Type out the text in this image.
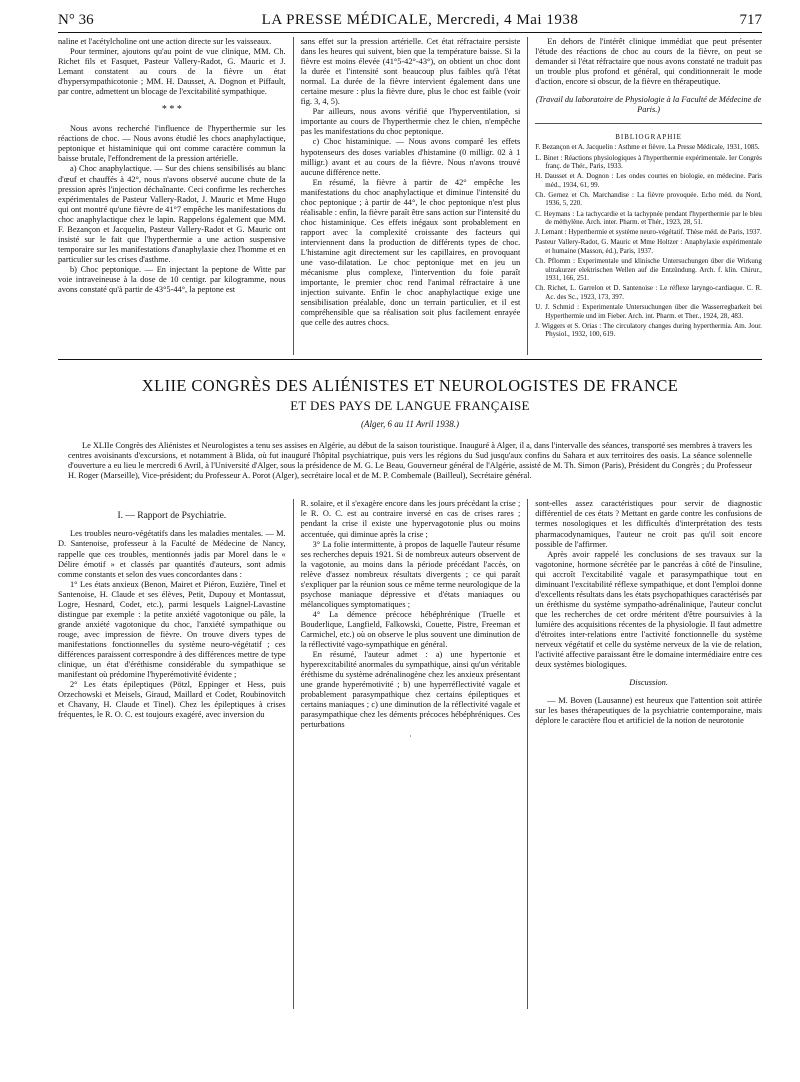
N° 36	LA PRESSE MÉDICALE, Mercredi, 4 Mai 1938	717

naline et l'acétylcholine ont une action directe sur les vaisseaux.

Pour terminer, ajoutons qu'au point de vue clinique, MM. Ch. Richet fils et Fasquet, Pasteur Vallery-Radot, G. Mauric et J. Lemant constatent au cours de la fièvre un état d'hypersympathicotonie ; MM. H. Dausset, A. Dognon et Piffault, par contre, admettent un blocage de l'excitabilité sympathique.

* * *

Nous avons recherché l'influence de l'hyperthermie sur les réactions de choc. — Nous avons étudié les chocs anaphylactique, peptonique et histaminique qui ont comme caractère commun la baisse brutale, l'effondrement de la pression artérielle.

a) Choc anaphylactique. — Sur des chiens sensibilisés au blanc d'œuf et chauffés à 42°, nous n'avons observé aucune chute de la pression après l'injection déchaînante. Ceci confirme les recherches expérimentales de Pasteur Vallery-Radot, J. Mauric et Mme Hugo qui ont montré qu'une fièvre de 41°7 empêche les manifestations du choc anaphylactique chez le lapin. Rappelons également que MM. F. Bezançon et Jacquelin, Pasteur Vallery-Radot et G. Mauric ont insisté sur le fait que l'hyperthermie a une action suspensive temporaire sur les manifestations d'anaphylaxie chez l'homme et en particulier sur les crises d'asthme.

b) Choc peptonique. — En injectant la peptone de Witte par voie intraveineuse à la dose de 10 centigr. par kilogramme, nous avons constaté qu'à partir de 43°5-44°, la peptone est

sans effet sur la pression artérielle. Cet état réfractaire persiste dans les heures qui suivent, bien que la température baisse. Si la fièvre est moins élevée (41°5-42°-43°), on obtient un choc dont la durée et l'intensité sont beaucoup plus faibles qu'à l'état normal. La durée de la fièvre intervient également dans une certaine mesure : plus la fièvre dure, plus le choc est faible (voir fig. 3, 4, 5).

Par ailleurs, nous avons vérifié que l'hyperventilation, si importante au cours de l'hyperthermie chez le chien, n'empêche pas les manifestations du choc peptonique.

c) Choc histaminique. — Nous avons comparé les effets hypotenseurs des doses variables d'histamine (0 milligr. 02 à 1 milligr.) avant et au cours de la fièvre. Nous n'avons trouvé aucune différence nette.

En résumé, la fièvre à partir de 42° empêche les manifestations du choc anaphylactique et diminue l'intensité du choc peptonique ; à partir de 44°, le choc peptonique n'est plus réalisable : enfin, la fièvre paraît être sans action sur l'intensité du choc histaminique. Ces effets inégaux sont probablement en rapport avec la complexité croissante des facteurs qui interviennent dans la production de différents types de choc. L'histamine agit directement sur les capillaires, en provoquant une vaso-dilatation. Le choc peptonique met en jeu un mécanisme plus complexe, l'intervention du foie paraît importante, le premier choc rend l'animal réfractaire à une injection suivante. Enfin le choc anaphylactique exige une sensibilisation préalable, donc un terrain particulier, et il est compréhensible que sa réalisation soit plus facilement enrayée que celle des autres chocs.

En dehors de l'intérêt clinique immédiat que peut présenter l'étude des réactions de choc au cours de la fièvre, on peut se demander si l'état réfractaire que nous avons constaté ne traduit pas un trouble plus profond et général, qui conditionnerait le mode d'action, encore si obscur, de la fièvre en thérapeutique.

(Travail du laboratoire de Physiologie à la Faculté de Médecine de Paris.)

BIBLIOGRAPHIE

F. Bezançon et A. Jacquelin : Asthme et fièvre. La Presse Médicale, 1931, 1085.

L. Binet : Réactions physiologiques à l'hyperthermie expérimentale. Ier Congrès franç. de Thér., Paris, 1933.

H. Dausset et A. Dognon : Les ondes courtes en biologie, en médecine. Paris méd., 1934, 61, 99.

Ch. Gernez et Ch. Marchandise : La fièvre provoquée. Echo méd. du Nord, 1936, 5, 220.

C. Heymans : La tachycardie et la tachypnée pendant l'hyperthermie par le bleu de méthylène. Arch. inter. Pharm. et Thér., 1923, 28, 51.

J. Lemant : Hyperthermie et système neuro-végétatif. Thèse méd. de Paris, 1937.

Pasteur Vallery-Radot, G. Mauric et Mme Holtzer : Anaphylaxie expérimentale et humaine (Masson, éd.), Paris, 1937.

Ch. Pflomm : Experimentale und klinische Untersuchungen über die Wirkung ultrakurzer elektrischen Wellen auf die Entzündung. Arch. f. klin. Chirur., 1931, 166, 251.

Ch. Richet, L. Garrelon et D. Santenoise : Le réflexe laryngo-cardiaque. C. R. Ac. des Sc., 1923, 173, 397.

U. J. Schmid : Experimentale Untersuchungen über die Wasserregbarkeit bei Hyperthermie und im Fieber. Arch. int. Pharm. et Ther., 1924, 28, 483.

J. Wiggers et S. Orias : The circulatory changes during hyperthermia. Am. Jour. Physiol., 1932, 100, 619.

XLIIE CONGRÈS DES ALIÉNISTES ET NEUROLOGISTES DE FRANCE
ET DES PAYS DE LANGUE FRANÇAISE
(Alger, 6 au 11 Avril 1938.)

Le XLIIe Congrès des Aliénistes et Neurologistes a tenu ses assises en Algérie, au début de la saison touristique. Inauguré à Alger, il a, dans l'intervalle des séances, transporté ses membres à travers les centres avoisinants d'excursions, et notamment à Blida, où fut inauguré l'hôpital psychiatrique, puis vers les régions du Sud jusqu'aux confins du Sahara et aux territoires des oasis. La séance solennelle d'ouverture a eu lieu le mercredi 6 Avril, à l'Université d'Alger, sous la présidence de M. G. Le Beau, Gouverneur général de l'Algérie, assisté de M. Th. Simon (Paris), Président du Congrès ; du Professeur H. Roger (Marseille), Vice-président; du Professeur A. Porot (Alger), secrétaire local et de M. P. Combemale (Bailleul), Secrétaire général.

I. — Rapport de Psychiatrie.

Les troubles neuro-végétatifs dans les maladies mentales. — M. D. Santenoise, professeur à la Faculté de Médecine de Nancy, rappelle que ces troubles, mentionnés jadis par Morel dans le « Délire émotif » et classés par quantités d'auteurs, sont admis comme constants et selon des vues concordantes dans :

1° Les états anxieux (Benon, Mairet et Piéron, Euzière, Tinel et Santenoise, H. Claude et ses élèves, Petit, Dupouy et Montassut, Logre, Hesnard, Codet, etc.), parmi lesquels Laignel-Lavastine distingue par exemple : la petite anxiété vagotonique ou pâle, la grande anxiété vagotonique du choc, l'anxiété sympathique ou rouge, avec impression de fièvre. On trouve divers types de manifestations fonctionnelles du système neuro-végétatif ; ces différences paraissent correspondre à des différences mettre de type clinique, un état d'éréthisme considérable du sympathique se manifestant où prédomine l'hyperémotivité évidente ;

2° Les états épileptiques (Pötzl, Eppinger et Hess, puis Orzechowski et Meisels, Giraud, Maillard et Codet, Roubinovitch et Chavany, H. Claude et Tinel). Chez les épileptiques à crises fréquentes, le R. O. C. est toujours exagéré, avec inversion du

R. solaire, et il s'exagère encore dans les jours précédant la crise ; le R. O. C. est au contraire inversé en cas de crises rares ; pendant la crise il existe une hypervagotonie plus ou moins accentuée, qui diminue après la crise ;

3° La folie intermittente, à propos de laquelle l'auteur résume ses recherches depuis 1921. Si de nombreux auteurs observent de la vagotonie, au moins dans la période précédant l'accès, on relève d'assez nombreux résultats divergents ; ce qui paraît s'expliquer par la réunion sous ce même terme neurologique de la psychose maniaque dépressive et d'états maniaques ou mélancoliques symptomatiques ;

4° La démence précoce hébéphrénique (Truelle et Bouderlique, Langfield, Falkowski, Couette, Pistre, Freeman et Carmichel, etc.) où on observe le plus souvent une diminution de la réflectivité vago-sympathique en général.

En résumé, l'auteur admet : a) une hypertonie et hyperexcitabilité anormales du sympathique, ainsi qu'un véritable éréthisme du système adrénalinogène chez les anxieux présentant une grande hyperémotivité ; b) une hyperréflectivité vagale et probablement parasympathique chez certains épileptiques et certains maniaques ; c) une diminution de la réflectivité vagale et parasympathique chez les déments précoces hébéphréniques. Ces perturbations

·

sont-elles assez caractéristiques pour servir de diagnostic différentiel de ces états ? Mettant en garde contre les confusions de termes nosologiques et les difficultés d'interprétation des tests pharmacodynamiques, l'auteur ne croit pas qu'il soit encore possible de l'affirmer.

Après avoir rappelé les conclusions de ses travaux sur la vagotonine, hormone sécrétée par le pancréas à côté de l'insuline, qui accroît l'excitabilité vagale et parasympathique tout en diminuant l'excitabilité réflexe sympathique, et dont l'emploi donne d'excellents résultats dans les états psychopathiques caractérisés par un éréthisme du système sympatho-adrénalinique, l'auteur conclut que les recherches de cet ordre méritent d'être poursuivies à la lumière des acquisitions récentes de la physiologie. Il faut admettre d'étroites inter-relations entre l'activité fonctionnelle du système nerveux végétatif et celle du système nerveux de la vie de relation, l'activité affective paraissant être le domaine intermédiaire entre ces deux systèmes biologiques.

Discussion.

— M. Boven (Lausanne) est heureux que l'attention soit attirée sur les bases thérapeutiques de la psychiatrie contemporaine, mais déplore le caractère flou et artificiel de la notion de neurotonie
